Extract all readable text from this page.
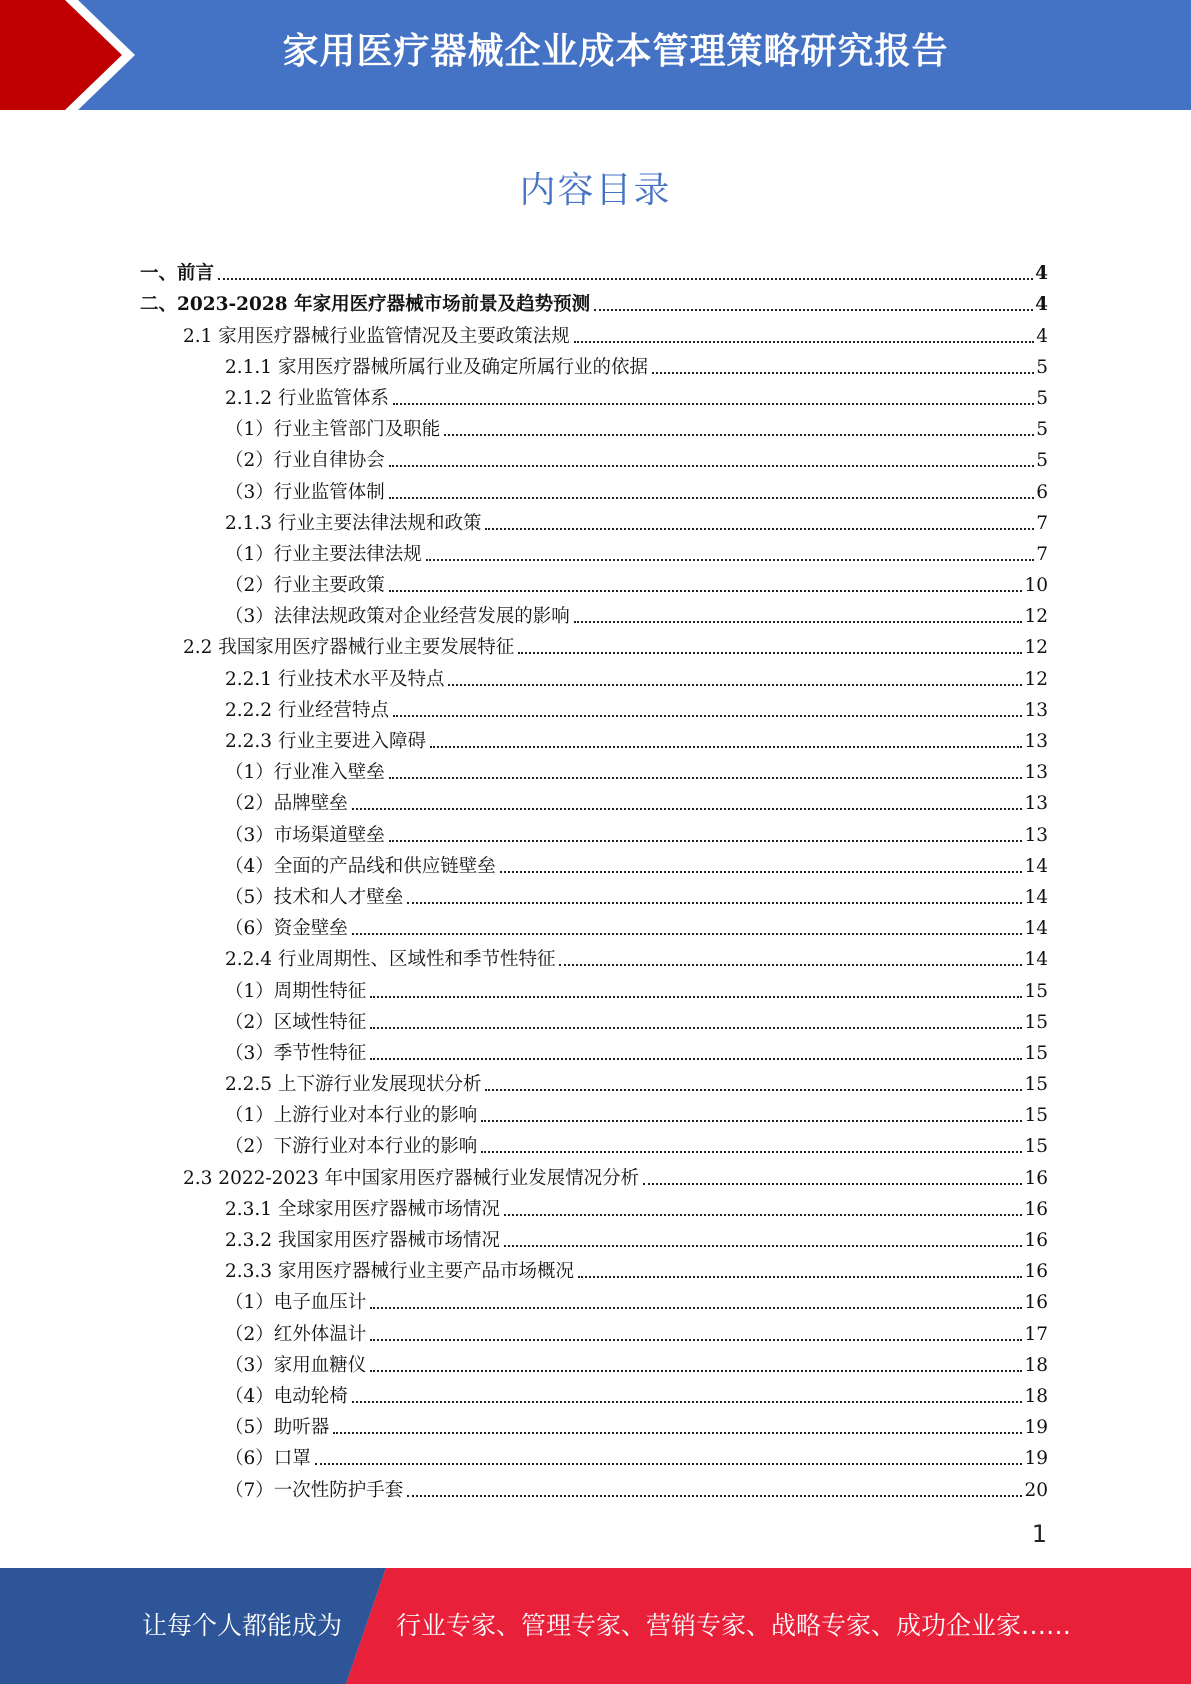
家用医疗器械企业成本管理策略研究报告
内容目录
一、前言	4
二、2023-2028 年家用医疗器械市场前景及趋势预测	4
2.1 家用医疗器械行业监管情况及主要政策法规	4
2.1.1 家用医疗器械所属行业及确定所属行业的依据	5
2.1.2 行业监管体系	5
（1）行业主管部门及职能	5
（2）行业自律协会	5
（3）行业监管体制	6
2.1.3 行业主要法律法规和政策	7
（1）行业主要法律法规	7
（2）行业主要政策	10
（3）法律法规政策对企业经营发展的影响	12
2.2 我国家用医疗器械行业主要发展特征	12
2.2.1 行业技术水平及特点	12
2.2.2 行业经营特点	13
2.2.3 行业主要进入障碍	13
（1）行业准入壁垒	13
（2）品牌壁垒	13
（3）市场渠道壁垒	13
（4）全面的产品线和供应链壁垒	14
（5）技术和人才壁垒	14
（6）资金壁垒	14
2.2.4 行业周期性、区域性和季节性特征	14
（1）周期性特征	15
（2）区域性特征	15
（3）季节性特征	15
2.2.5 上下游行业发展现状分析	15
（1）上游行业对本行业的影响	15
（2）下游行业对本行业的影响	15
2.3 2022-2023 年中国家用医疗器械行业发展情况分析	16
2.3.1 全球家用医疗器械市场情况	16
2.3.2 我国家用医疗器械市场情况	16
2.3.3 家用医疗器械行业主要产品市场概况	16
（1）电子血压计	16
（2）红外体温计	17
（3）家用血糖仪	18
（4）电动轮椅	18
（5）助听器	19
（6）口罩	19
（7）一次性防护手套	20
1
让每个人都能成为 行业专家、管理专家、营销专家、战略专家、成功企业家……
